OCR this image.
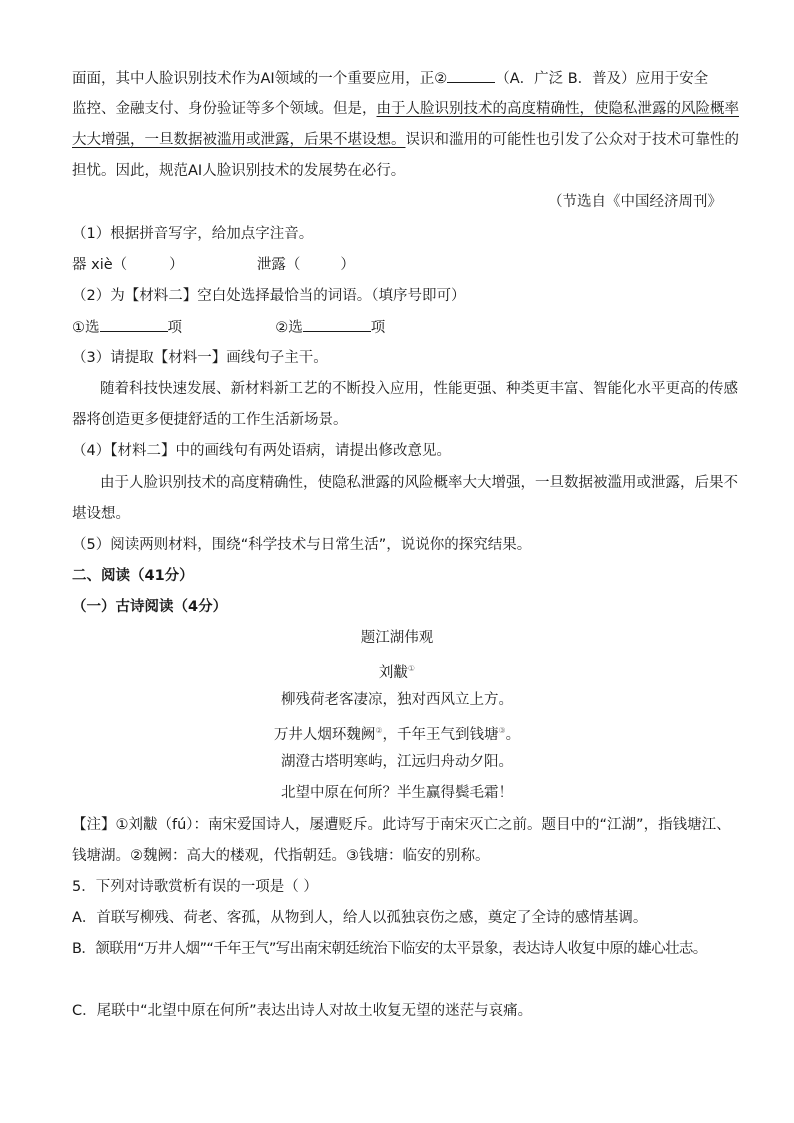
面面，其中人脸识别技术作为AI领域的一个重要应用，正②	（A．广泛 B．普及）应用于安全
监控、金融支付、身份验证等多个领域。但是，由于人脸识别技术的高度精确性，使隐私泄露的风险概率
大大增强，一旦数据被滥用或泄露，后果不堪设想。误识和滥用的可能性也引发了公众对于技术可靠性的
担忧。因此，规范AI人脸识别技术的发展势在必行。
（节选自《中国经济周刊》
（1）根据拼音写字，给加点字注音。
器 xiè（	）	泄露（	）
（2）为【材料二】空白处选择最恰当的词语。（填序号即可）
①选	项	②选	项
（3）请提取【材料一】画线句子主干。
随着科技快速发展、新材料新工艺的不断投入应用，性能更强、种类更丰富、智能化水平更高的传感
器将创造更多便捷舒适的工作生活新场景。
（4）【材料二】中的画线句有两处语病，请提出修改意见。
由于人脸识别技术的高度精确性，使隐私泄露的风险概率大大增强，一旦数据被滥用或泄露，后果不
堪设想。
（5）阅读两则材料，围绕“科学技术与日常生活”，说说你的探究结果。
二、阅读（41分）
（一）古诗阅读（4分）
题江湖伟观
刘黻①
柳残荷老客凄凉，独对西风立上方。
万井人烟环魏阙②，千年王气到钱塘③。
湖澄古塔明寒屿，江远归舟动夕阳。
北望中原在何所？半生赢得鬓毛霜！
【注】①刘黻（fú）：南宋爱国诗人，屡遭贬斥。此诗写于南宋灭亡之前。题目中的“江湖”，指钱塘江、
钱塘湖。②魏阙：高大的楼观，代指朝廷。③钱塘：临安的别称。
5．下列对诗歌赏析有误的一项是（ ）
A．首联写柳残、荷老、客孤，从物到人，给人以孤独哀伤之感，奠定了全诗的感情基调。
B．颔联用“万井人烟”“千年王气”写出南宋朝廷统治下临安的太平景象，表达诗人收复中原的雄心壮志。
C．尾联中“北望中原在何所”表达出诗人对故土收复无望的迷茫与哀痛。
